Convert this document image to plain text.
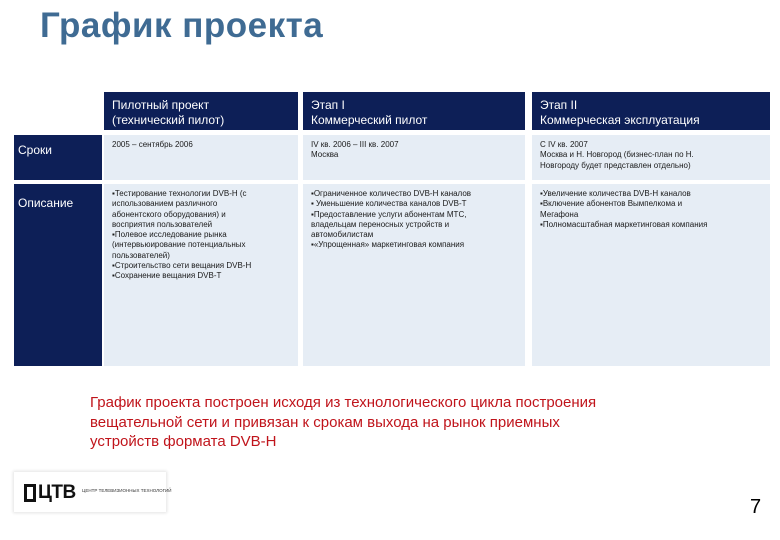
График проекта
Пилотный проект
(технический пилот)
Этап I
Коммерческий пилот
Этап II
Коммерческая эксплуатация
Сроки	2005 – сентябрь 2006	IV кв. 2006 – III кв. 2007
Москва
С IV кв. 2007
Москва и Н. Новгород (бизнес-план по Н.
Новгороду будет представлен отдельно)
Описание
▪Тестирование технологии DVB-H (с
использованием различного
абонентского оборудования) и
восприятия пользователей
▪Полевое исследование рынка
(интервьюирование потенциальных
пользователей)
▪Строительство сети вещания DVB-H
▪Сохранение вещания DVB-T
▪Ограниченное количество DVB-H каналов
▪ Уменьшение количества каналов DVB-T
▪Предоставление услуги абонентам МТС,
владельцам переносных устройств и
автомобилистам
▪«Упрощенная» маркетинговая компания
▪Увеличение количества DVB-H каналов
▪Включение абонентов Вымпелкома и
Мегафона
▪Полномасштабная маркетинговая компания
График проекта построен исходя из технологического цикла построения
вещательной сети и привязан к срокам выхода на рынок приемных
устройств формата DVB-H
ЦТВ ЦЕНТР ТЕЛЕВИЗИОННЫХ ТЕХНОЛОГИЙ
7
